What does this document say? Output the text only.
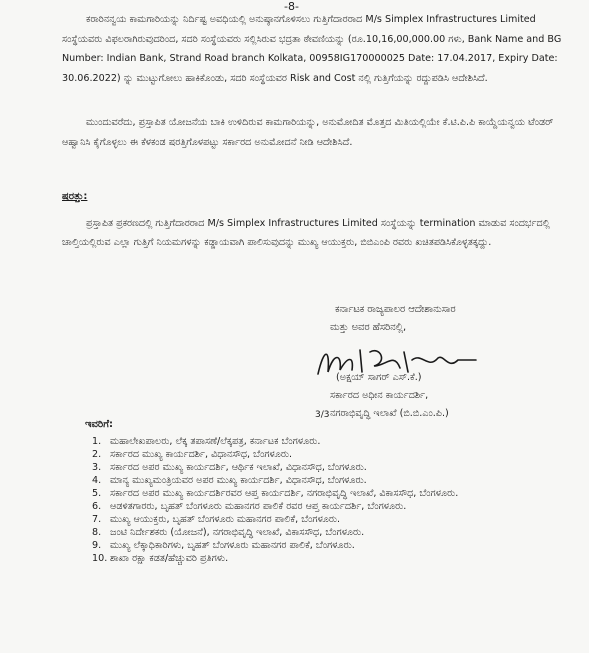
-8-
ಕರಾರಿನನ್ವಯ ಕಾಮಗಾರಿಯನ್ನು ನಿರ್ದಿಷ್ಟ ಅವಧಿಯಲ್ಲಿ ಅನುಷ್ಠಾನಗೊಳಿಸಲು ಗುತ್ತಿಗೆದಾರರಾದ M/s Simplex Infrastructures Limited ಸಂಸ್ಥೆಯವರು ವಿಫಲರಾಗಿರುವುದರಿಂದ, ಸದರಿ ಸಂಸ್ಥೆಯವರು ಸಲ್ಲಿಸಿರುವ ಭದ್ರತಾ ಠೇವಣಿಯನ್ನು (ರೂ.10,16,00,000.00 ಗಳು, Bank Name and BG Number: Indian Bank, Strand Road branch Kolkata, 00958IG170000025 Date: 17.04.2017, Expiry Date: 30.06.2022) ನ್ನು ಮುಟ್ಟುಗೋಲು ಹಾಕಿಕೊಂಡು, ಸದರಿ ಸಂಸ್ಥೆಯವರ Risk and Cost ನಲ್ಲಿ ಗುತ್ತಿಗೆಯನ್ನು ರದ್ದುಪಡಿಸಿ ಆದೇಶಿಸಿದೆ.
ಮುಂದುವರೆದು, ಪ್ರಸ್ತಾಪಿತ ಯೋಜನೆಯ ಬಾಕಿ ಉಳಿದಿರುವ ಕಾಮಗಾರಿಯನ್ನು, ಅನುಮೋದಿತ ಮೊತ್ತದ ಮಿತಿಯಲ್ಲಿಯೇ ಕೆ.ಟಿ.ಪಿ.ಪಿ ಕಾಯ್ದೆಯನ್ವಯ ಟೆಂಡರ್ ಆಹ್ವಾನಿಸಿ ಕೈಗೊಳ್ಳಲು ಈ ಕೆಳಕಂಡ ಷರತ್ತಿಗೊಳಪಟ್ಟು ಸರ್ಕಾರದ ಅನುಮೋದನೆ ನೀಡಿ ಆದೇಶಿಸಿದೆ.
ಷರತ್ತು:
ಪ್ರಸ್ತಾಪಿತ ಪ್ರಕರಣದಲ್ಲಿ ಗುತ್ತಿಗೆದಾರರಾದ M/s Simplex Infrastructures Limited ಸಂಸ್ಥೆಯನ್ನು termination ಮಾಡುವ ಸಂದರ್ಭದಲ್ಲಿ ಚಾಲ್ತಿಯಲ್ಲಿರುವ ಎಲ್ಲಾ ಗುತ್ತಿಗೆ ನಿಯಮಗಳನ್ನು ಕಡ್ಡಾಯವಾಗಿ ಪಾಲಿಸುವುದನ್ನು ಮುಖ್ಯ ಆಯುಕ್ತರು, ಬಿಬಿಎಂಪಿ ರವರು ಖಚಿತಪಡಿಸಿಕೊಳ್ಳತಕ್ಕದ್ದು.
ಕರ್ನಾಟಕ ರಾಜ್ಯಪಾಲರ ಆದೇಶಾನುಸಾರ
ಮತ್ತು ಅವರ ಹೆಸರಿನಲ್ಲಿ,
(ಅಕ್ಷಯ್ ಸಾಗರ್ ಎಸ್.ಕೆ.)
ಸರ್ಕಾರದ ಅಧೀನ ಕಾರ್ಯದರ್ಶಿ,
ನಗರಾಭಿವೃದ್ಧಿ ಇಲಾಖೆ (ಬಿ.ಬಿ.ಎಂ.ಪಿ.)
3/3
ಇವರಿಗೆ:
1. ಮಹಾಲೇಖಪಾಲರು, ಲೆಕ್ಕ ತಪಾಸಣೆ/ಲೆಕ್ಕಪತ್ರ, ಕರ್ನಾಟಕ ಬೆಂಗಳೂರು.
2. ಸರ್ಕಾರದ ಮುಖ್ಯ ಕಾರ್ಯದರ್ಶಿ, ವಿಧಾನಸೌಧ, ಬೆಂಗಳೂರು.
3. ಸರ್ಕಾರದ ಅಪರ ಮುಖ್ಯ ಕಾರ್ಯದರ್ಶಿ, ಆರ್ಥಿಕ ಇಲಾಖೆ, ವಿಧಾನಸೌಧ, ಬೆಂಗಳೂರು.
4. ಮಾನ್ಯ ಮುಖ್ಯಮಂತ್ರಿಯವರ ಅಪರ ಮುಖ್ಯ ಕಾರ್ಯದರ್ಶಿ, ವಿಧಾನಸೌಧ, ಬೆಂಗಳೂರು.
5. ಸರ್ಕಾರದ ಅಪರ ಮುಖ್ಯ ಕಾರ್ಯದರ್ಶಿರವರ ಆಪ್ತ ಕಾರ್ಯದರ್ಶಿ, ನಗರಾಭಿವೃದ್ಧಿ ಇಲಾಖೆ, ವಿಕಾಸಸೌಧ, ಬೆಂಗಳೂರು.
6. ಆಡಳಿತಗಾರರು, ಬೃಹತ್ ಬೆಂಗಳೂರು ಮಹಾನಗರ ಪಾಲಿಕೆ ರವರ ಆಪ್ತ ಕಾರ್ಯದರ್ಶಿ, ಬೆಂಗಳೂರು.
7. ಮುಖ್ಯ ಆಯುಕ್ತರು, ಬೃಹತ್ ಬೆಂಗಳೂರು ಮಹಾನಗರ ಪಾಲಿಕೆ, ಬೆಂಗಳೂರು.
8. ಜಂಟಿ ನಿರ್ದೇಶಕರು (ಯೋಜನೆ), ನಗರಾಭಿವೃದ್ಧಿ ಇಲಾಖೆ, ವಿಕಾಸಸೌಧ, ಬೆಂಗಳೂರು.
9. ಮುಖ್ಯ ಲೆಕ್ಕಾಧಿಕಾರಿಗಳು, ಬೃಹತ್ ಬೆಂಗಳೂರು ಮಹಾನಗರ ಪಾಲಿಕೆ, ಬೆಂಗಳೂರು.
10. ಶಾಖಾ ರಕ್ಷಾ ಕಡತ/ಹೆಚ್ಚುವರಿ ಪ್ರತಿಗಳು.
